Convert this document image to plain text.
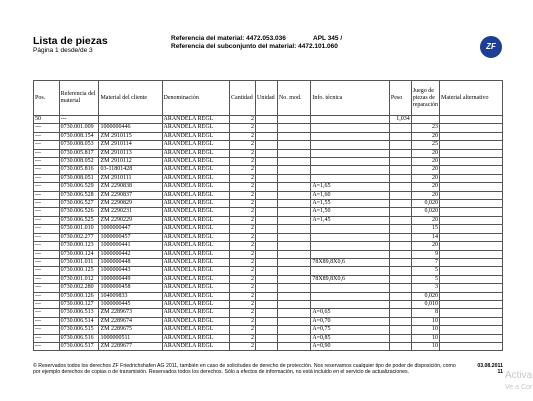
Lista de piezas
Página 1 desde/de 3
Referencia del material: 4472.053.036	APL 345 /
Referencia del subconjunto del material: 4472.101.060	ZF
Pos.	Referencia del material	Material del cliente	Denominación	Cantidad	Unidad	No. mod.	Info. técnica	Peso	Juego de piezas de reparación	Material alternativo
50	---		ARANDELA REGL	2				1,034		
---	0730.001.009	1000000446	ARANDELA REGL	2					23	
---	0730.008.154	ZM 2910115	ARANDELA REGL	2					20	
---	0730.008.053	ZM 2910114	ARANDELA REGL	2					25	
---	0730.005.817	ZM 2910113	ARANDELA REGL	2					20	
---	0730.008.052	ZM 2910112	ARANDELA REGL	2					20	
---	0730.005.816	03-11801428	ARANDELA REGL	2					20	
---	0730.008.051	ZM 2910111	ARANDELA REGL	2					20	
---	0730.006.529	ZM 2290838	ARANDELA REGL	2			A=1,65		20	
---	0730.006.528	ZM 2290837	ARANDELA REGL	2			A=1,60		20	
---	0730.006.527	ZM 2290829	ARANDELA REGL	2			A=1,55		0,020	
---	0730.006.526	ZM 2290231	ARANDELA REGL	2			A=1,50		0,020	
---	0730.006.525	ZM 2290229	ARANDELA REGL	2			A=1,45		20	
---	0730.001.010	1000000447	ARANDELA REGL	2					15	
---	0730.002.277	1000000457	ARANDELA REGL	2					14	
---	0730.000.123	1000000441	ARANDELA REGL	2					20	
---	0730.000.124	1000000442	ARANDELA REGL	2					9	
---	0730.001.011	1000000448	ARANDELA REGL	2			78X89,8X0,6		7	
---	0730.000.125	1000000443	ARANDELA REGL	2					5	
---	0730.001.012	1000000449	ARANDELA REGL	2			78X89,8X0,6		5	
---	0730.002.280	1000000458	ARANDELA REGL	2					3	
---	0730.000.126	104009833	ARANDELA REGL	2					0,020	
---	0730.000.127	1000000445	ARANDELA REGL	2					0,010	
---	0730.006.513	ZM 2289673	ARANDELA REGL	2			A=0,65		8	
---	0730.006.514	ZM 2289674	ARANDELA REGL	2			A=0,70		10	
---	0730.006.515	ZM 2289675	ARANDELA REGL	2			A=0,75		10	
---	0730.006.516	1000000511	ARANDELA REGL	2			A=0,85		10	
---	0730.006.517	ZM 2289677	ARANDELA REGL	2			A=0,90		10	
© Reservados todos los derechos ZF Friedrichshafen AG 2011, también en caso de solicitudes de derecho de protección. Nos reservamos cualquier tipo de poder de disposición, como por ejemplo derechos de copias o de transmisión. Reservados todos los derechos. Sólo a efectos de información, no está incluido en el servicio de actualizaciones.
03.08.2011
11 Activa
Ve a Cor
